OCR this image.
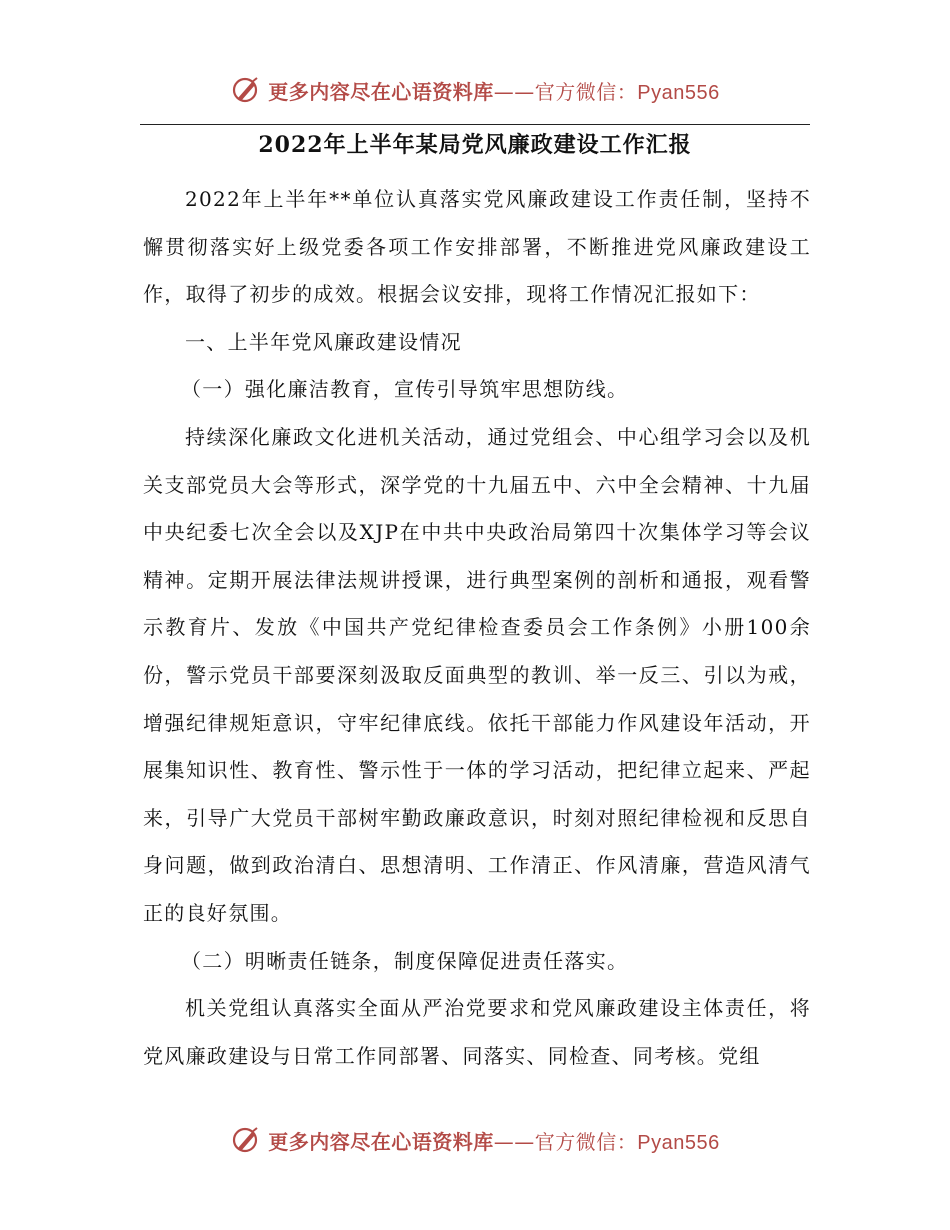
更多内容尽在心语资料库——官方微信：Pyan556
2022年上半年某局党风廉政建设工作汇报

2022年上半年**单位认真落实党风廉政建设工作责任制，坚持不懈贯彻落实好上级党委各项工作安排部署，不断推进党风廉政建设工作，取得了初步的成效。根据会议安排，现将工作情况汇报如下：

一、上半年党风廉政建设情况

（一）强化廉洁教育，宣传引导筑牢思想防线。

持续深化廉政文化进机关活动，通过党组会、中心组学习会以及机关支部党员大会等形式，深学党的十九届五中、六中全会精神、十九届中央纪委七次全会以及XJP在中共中央政治局第四十次集体学习等会议精神。定期开展法律法规讲授课，进行典型案例的剖析和通报，观看警示教育片、发放《中国共产党纪律检查委员会工作条例》小册100余份，警示党员干部要深刻汲取反面典型的教训、举一反三、引以为戒，增强纪律规矩意识，守牢纪律底线。依托干部能力作风建设年活动，开展集知识性、教育性、警示性于一体的学习活动，把纪律立起来、严起来，引导广大党员干部树牢勤政廉政意识，时刻对照纪律检视和反思自身问题，做到政治清白、思想清明、工作清正、作风清廉，营造风清气正的良好氛围。

（二）明晰责任链条，制度保障促进责任落实。

机关党组认真落实全面从严治党要求和党风廉政建设主体责任，将党风廉政建设与日常工作同部署、同落实、同检查、同考核。党组

更多内容尽在心语资料库——官方微信：Pyan556
